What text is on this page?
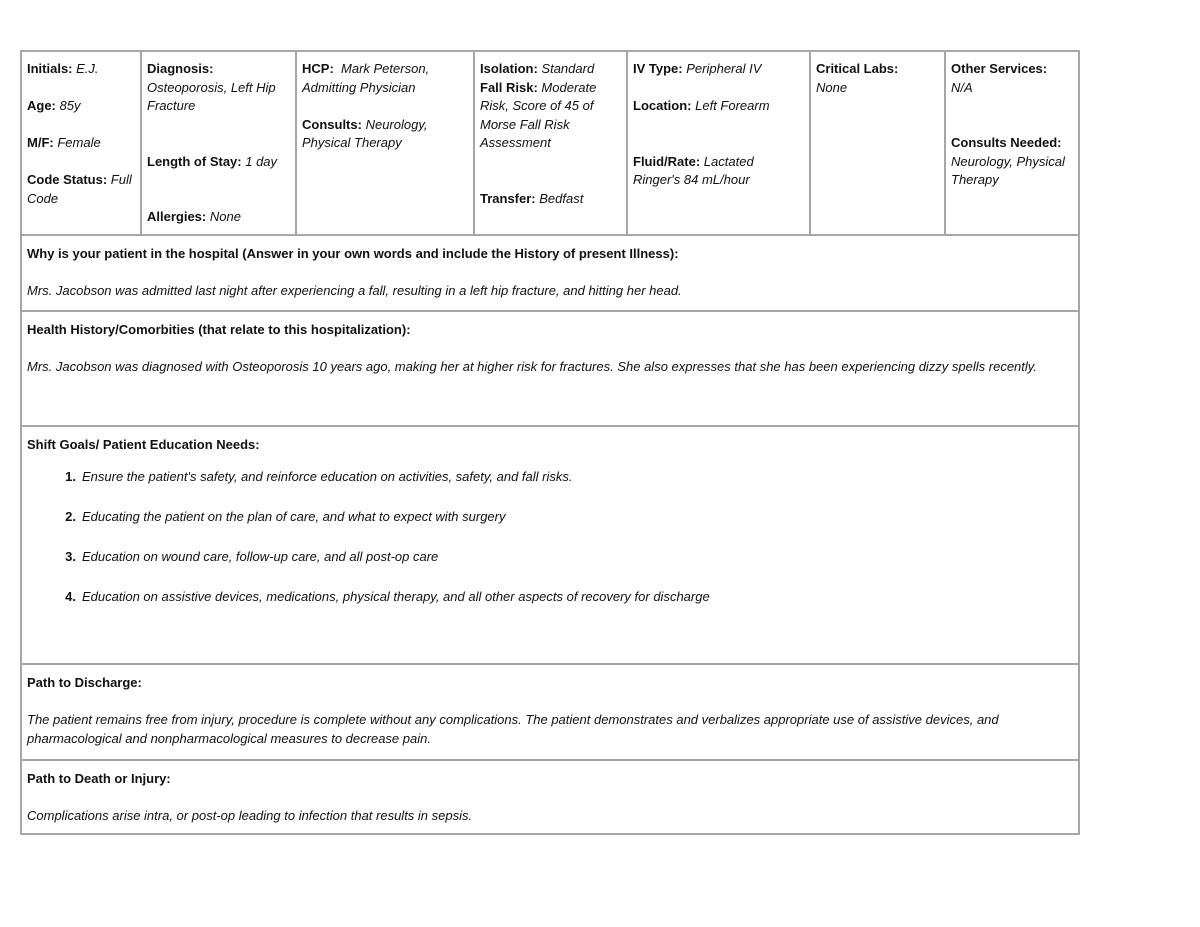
Initials: E.J.
Age: 85y
M/F: Female
Code Status: Full Code
Diagnosis:
Osteoporosis, Left Hip Fracture
Length of Stay: 1 day
Allergies: None
HCP: Mark Peterson, Admitting Physician
Consults: Neurology, Physical Therapy
Isolation: Standard
Fall Risk: Moderate Risk, Score of 45 of Morse Fall Risk Assessment
Transfer: Bedfast
IV Type: Peripheral IV
Location: Left Forearm
Fluid/Rate: Lactated Ringer's 84 mL/hour
Critical Labs:
None
Other Services: N/A
Consults Needed:
Neurology, Physical Therapy
Why is your patient in the hospital (Answer in your own words and include the History of present Illness):
Mrs. Jacobson was admitted last night after experiencing a fall, resulting in a left hip fracture, and hitting her head.
Health History/Comorbities (that relate to this hospitalization):
Mrs. Jacobson was diagnosed with Osteoporosis 10 years ago, making her at higher risk for fractures. She also expresses that she has been experiencing dizzy spells recently.
Shift Goals/ Patient Education Needs:
1. Ensure the patient's safety, and reinforce education on activities, safety, and fall risks.
2. Educating the patient on the plan of care, and what to expect with surgery
3. Education on wound care, follow-up care, and all post-op care
4. Education on assistive devices, medications, physical therapy, and all other aspects of recovery for discharge
Path to Discharge:
The patient remains free from injury, procedure is complete without any complications. The patient demonstrates and verbalizes appropriate use of assistive devices, and pharmacological and nonpharmacological measures to decrease pain.
Path to Death or Injury:
Complications arise intra, or post-op leading to infection that results in sepsis.
